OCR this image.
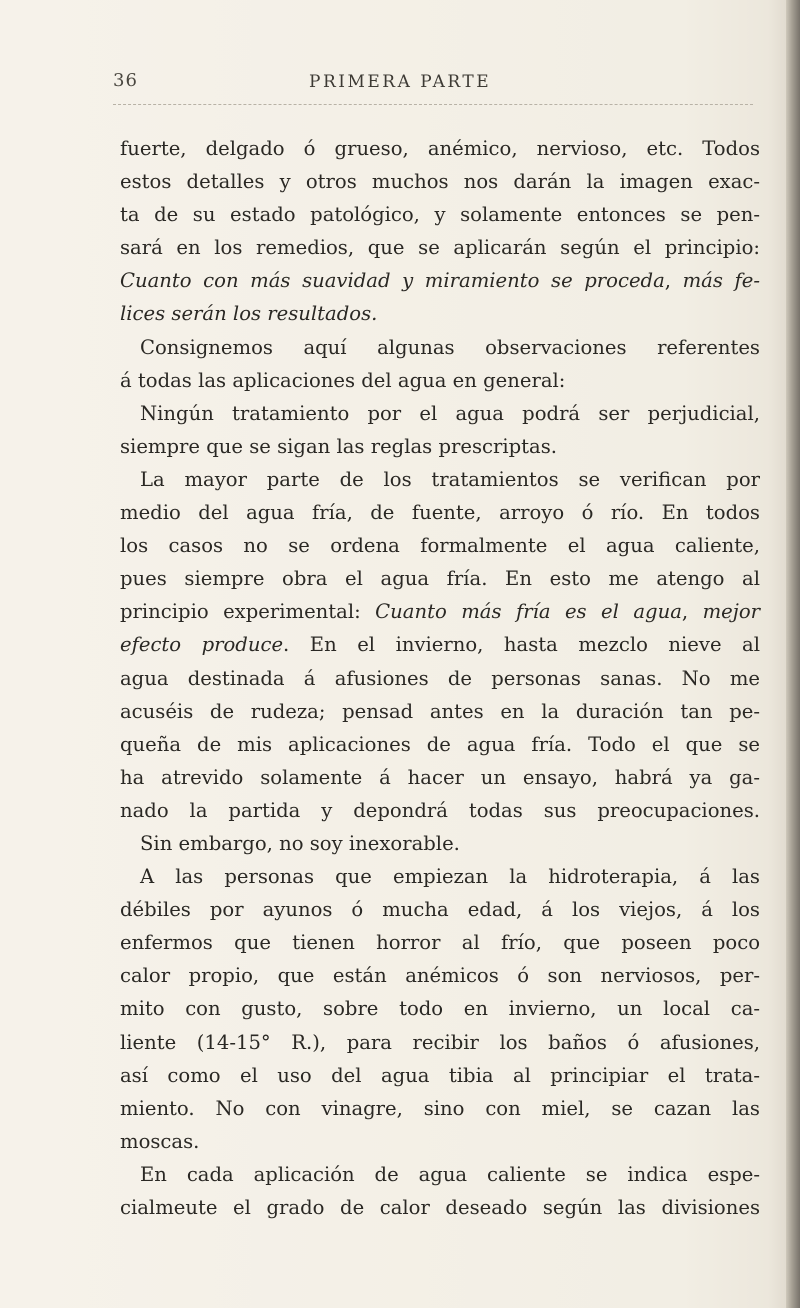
36	PRIMERA PARTE
fuerte, delgado ó grueso, anémico, nervioso, etc. Todos
estos detalles y otros muchos nos darán la imagen exac-
ta de su estado patológico, y solamente entonces se pen-
sará en los remedios, que se aplicarán según el principio:
Cuanto con más suavidad y miramiento se proceda, más fe-
lices serán los resultados.
Consignemos aquí algunas observaciones referentes
á todas las aplicaciones del agua en general:
Ningún tratamiento por el agua podrá ser perjudicial,
siempre que se sigan las reglas prescriptas.
La mayor parte de los tratamientos se verifican por
medio del agua fría, de fuente, arroyo ó río. En todos
los casos no se ordena formalmente el agua caliente,
pues siempre obra el agua fría. En esto me atengo al
principio experimental: Cuanto más fría es el agua, mejor
efecto produce. En el invierno, hasta mezclo nieve al
agua destinada á afusiones de personas sanas. No me
acuséis de rudeza; pensad antes en la duración tan pe-
queña de mis aplicaciones de agua fría. Todo el que se
ha atrevido solamente á hacer un ensayo, habrá ya ga-
nado la partida y depondrá todas sus preocupaciones.
Sin embargo, no soy inexorable.
A las personas que empiezan la hidroterapia, á las
débiles por ayunos ó mucha edad, á los viejos, á los
enfermos que tienen horror al frío, que poseen poco
calor propio, que están anémicos ó son nerviosos, per-
mito con gusto, sobre todo en invierno, un local ca-
liente (14-15° R.), para recibir los baños ó afusiones,
así como el uso del agua tibia al principiar el trata-
miento. No con vinagre, sino con miel, se cazan las
moscas.
En cada aplicación de agua caliente se indica espe-
cialmeute el grado de calor deseado según las divisiones
